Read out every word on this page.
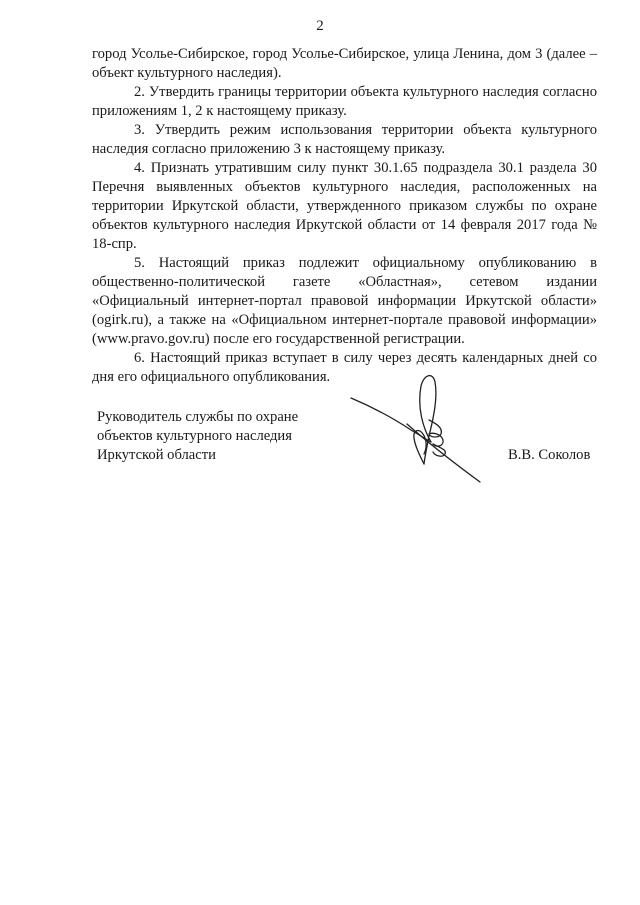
2

город Усолье-Сибирское, город Усолье-Сибирское, улица Ленина, дом 3 (далее – объект культурного наследия).

2. Утвердить границы территории объекта культурного наследия согласно приложениям 1, 2 к настоящему приказу.

3. Утвердить режим использования территории объекта культурного наследия согласно приложению 3 к настоящему приказу.

4. Признать утратившим силу пункт 30.1.65 подраздела 30.1 раздела 30 Перечня выявленных объектов культурного наследия, расположенных на территории Иркутской области, утвержденного приказом службы по охране объектов культурного наследия Иркутской области от 14 февраля 2017 года № 18-спр.

5. Настоящий приказ подлежит официальному опубликованию в общественно-политической газете «Областная», сетевом издании «Официальный интернет-портал правовой информации Иркутской области» (ogirk.ru), а также на «Официальном интернет-портале правовой информации» (www.pravo.gov.ru) после его государственной регистрации.

6. Настоящий приказ вступает в силу через десять календарных дней со дня его официального опубликования.

Руководитель службы по охране
объектов культурного наследия
Иркутской области	В.В. Соколов
